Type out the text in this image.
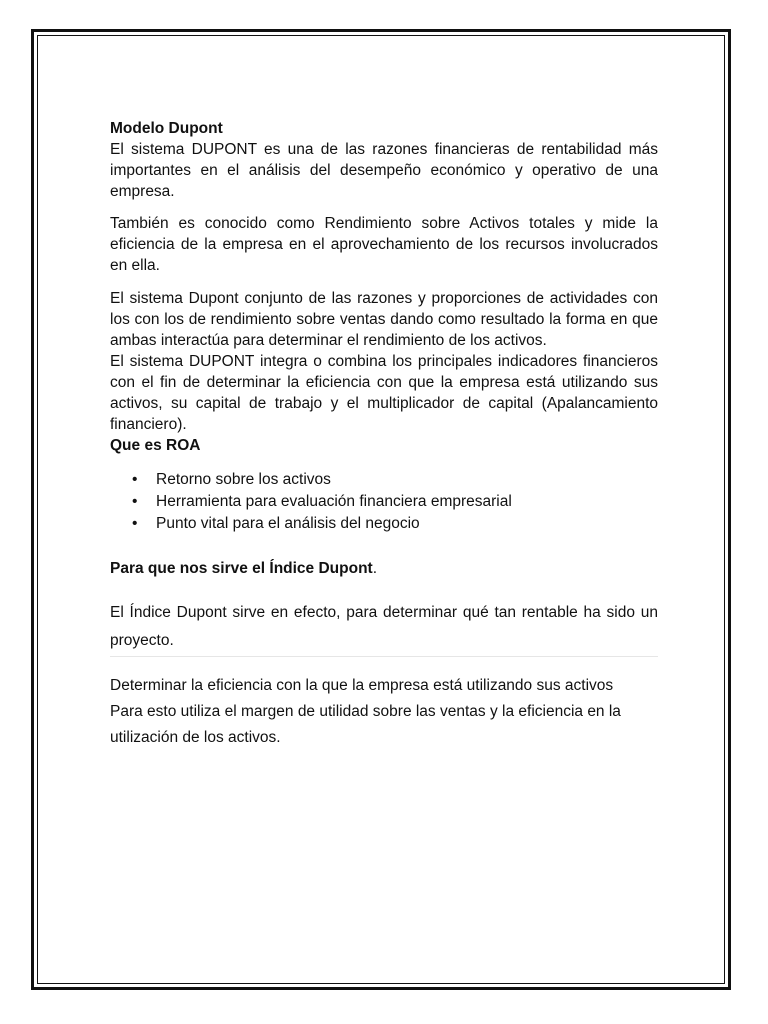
Modelo Dupont

El sistema DUPONT es una de las razones financieras de rentabilidad más importantes en el análisis del desempeño económico y operativo de una empresa.

También es conocido como Rendimiento sobre Activos totales y mide la eficiencia de la empresa en el aprovechamiento de los recursos involucrados en ella.

El sistema Dupont conjunto de las razones y proporciones de actividades con los con los de rendimiento sobre ventas dando como resultado la forma en que ambas interactúa para determinar el rendimiento de los activos.

El sistema DUPONT integra o combina los principales indicadores financieros con el fin de determinar la eficiencia con que la empresa está utilizando sus activos, su capital de trabajo y el multiplicador de capital (Apalancamiento financiero).

Que es ROA

• Retorno sobre los activos
• Herramienta para evaluación financiera empresarial
• Punto vital para el análisis del negocio

Para que nos sirve el Índice Dupont.

El Índice Dupont sirve en efecto, para determinar qué tan rentable ha sido un proyecto.

Determinar la eficiencia con la que la empresa está utilizando sus activos
Para esto utiliza el margen de utilidad sobre las ventas y la eficiencia en la utilización de los activos.
